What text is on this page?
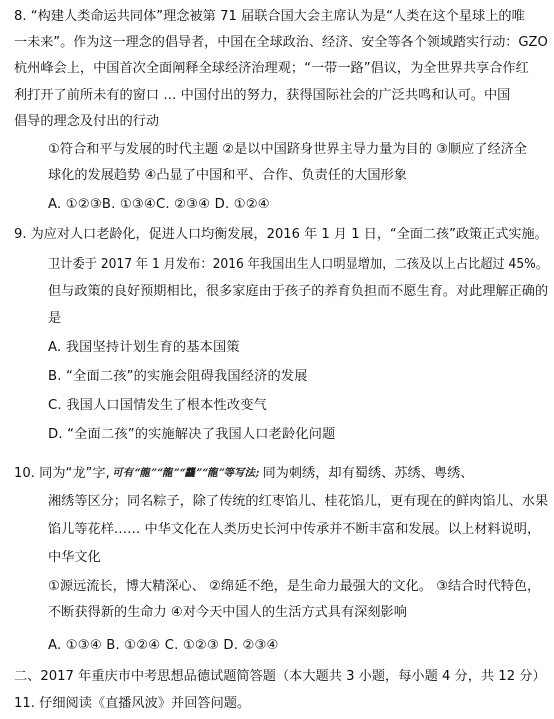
8. “构建人类命运共同体”理念被第 71 届联合国大会主席认为是“人类在这个星球上的唯
一未来”。作为这一理念的倡导者，中国在全球政治、经济、安全等各个领域踏实行动：GZO
杭州峰会上，中国首次全面阐释全球经济治理观；“一带一路”倡议，为全世界共享合作红
利打开了前所未有的窗口 … 中国付出的努力，获得国际社会的广泛共鸣和认可。中国
倡导的理念及付出的行动
①符合和平与发展的时代主题 ②是以中国跻身世界主导力量为目的 ③顺应了经济全
球化的发展趋势 ④凸显了中国和平、合作、负责任的大国形象
A. ①②③B. ①③④C. ②③④ D. ①②④
9. 为应对人口老龄化，促进人口均衡发展，2016 年 1 月 1 日，“全面二孩”政策正式实施。
卫计委于 2017 年 1 月发布：2016 年我国出生人口明显增加，二孩及以上占比超过 45%。
但与政策的良好预期相比，很多家庭由于孩子的养育负担而不愿生育。对此理解正确的
是
A. 我国坚持计划生育的基本国策
B. “全面二孩”的实施会阻碍我国经济的发展
C. 我国人口国情发生了根本性改变气
D. “全面二孩”的实施解决了我国人口老龄化问题
10. 同为“龙”字, 可有“龍”“龍”“龘”“龍”等写法; 同为刺绣，却有蜀绣、苏绣、粤绣、
湘绣等区分；同名粽子，除了传统的红枣馅儿、桂花馅儿，更有现在的鲜肉馅儿、水果
馅儿等花样…… 中华文化在人类历史长河中传承并不断丰富和发展。以上材料说明，
中华文化
①源远流长，博大精深心、 ②绵延不绝，是生命力最强大的文化。 ③结合时代特色，
不断获得新的生命力 ④对今天中国人的生活方式具有深刻影响
A. ①③④ B. ①②④ C. ①②③ D. ②③④
二、2017 年重庆市中考思想品德试题简答题（本大题共 3 小题，每小题 4 分，共 12 分）
11. 仔细阅读《直播风波》并回答问题。
